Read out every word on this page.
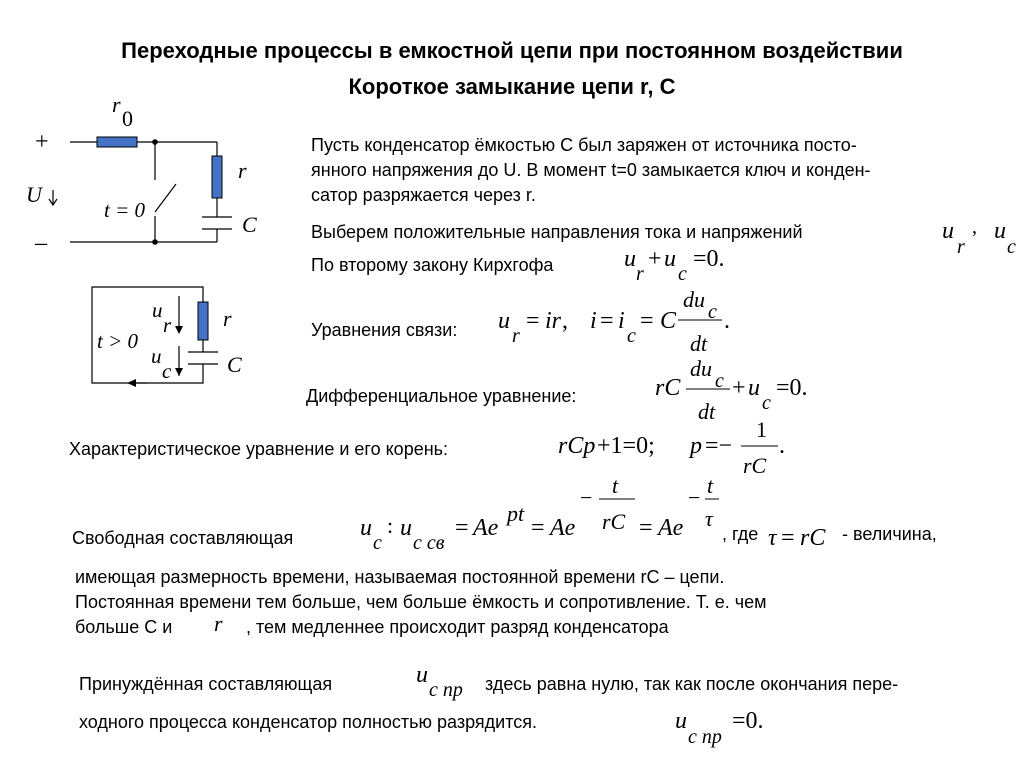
Переходные процессы в емкостной цепи при постоянном воздействии
Короткое замыкание цепи r, C
r
0
+
–
U
t = 0
r
C
t > 0
u
r
u
c
r
C
Пусть конденсатор ёмкостью C был заряжен от источника посто-
янного напряжения до U. В момент t=0 замыкается ключ и конден-
сатор разряжается через r.
Выберем положительные направления тока и напряжений	u
r
, u
c
По второму закону Кирхгофа	u
r
+ u
c
=0.
Уравнения связи: u
r
= ir , i = i
c
= C
du c
dt
.
Дифференциальное уравнение:	rC
du c
dt
+ u
c
=0.
Характеристическое уравнение и его корень:	rCp +1=0; p =−
1
rC
.
Свободная составляющая	u
c
: u
c св
= Ae
pt
= Ae
− t
rC = Ae
− t
τ
, где τ = rC - величина,
имеющая размерность времени, называемая постоянной времени rC – цепи.
Постоянная времени тем больше, чем больше ёмкость и сопротивление. Т. е. чем
больше C и r , тем медленнее происходит разряд конденсатора
Принуждённая составляющая	u
c пр здесь равна нулю, так как после окончания пере-
ходного процесса конденсатор полностью разрядится.	u
c пр
=0.
